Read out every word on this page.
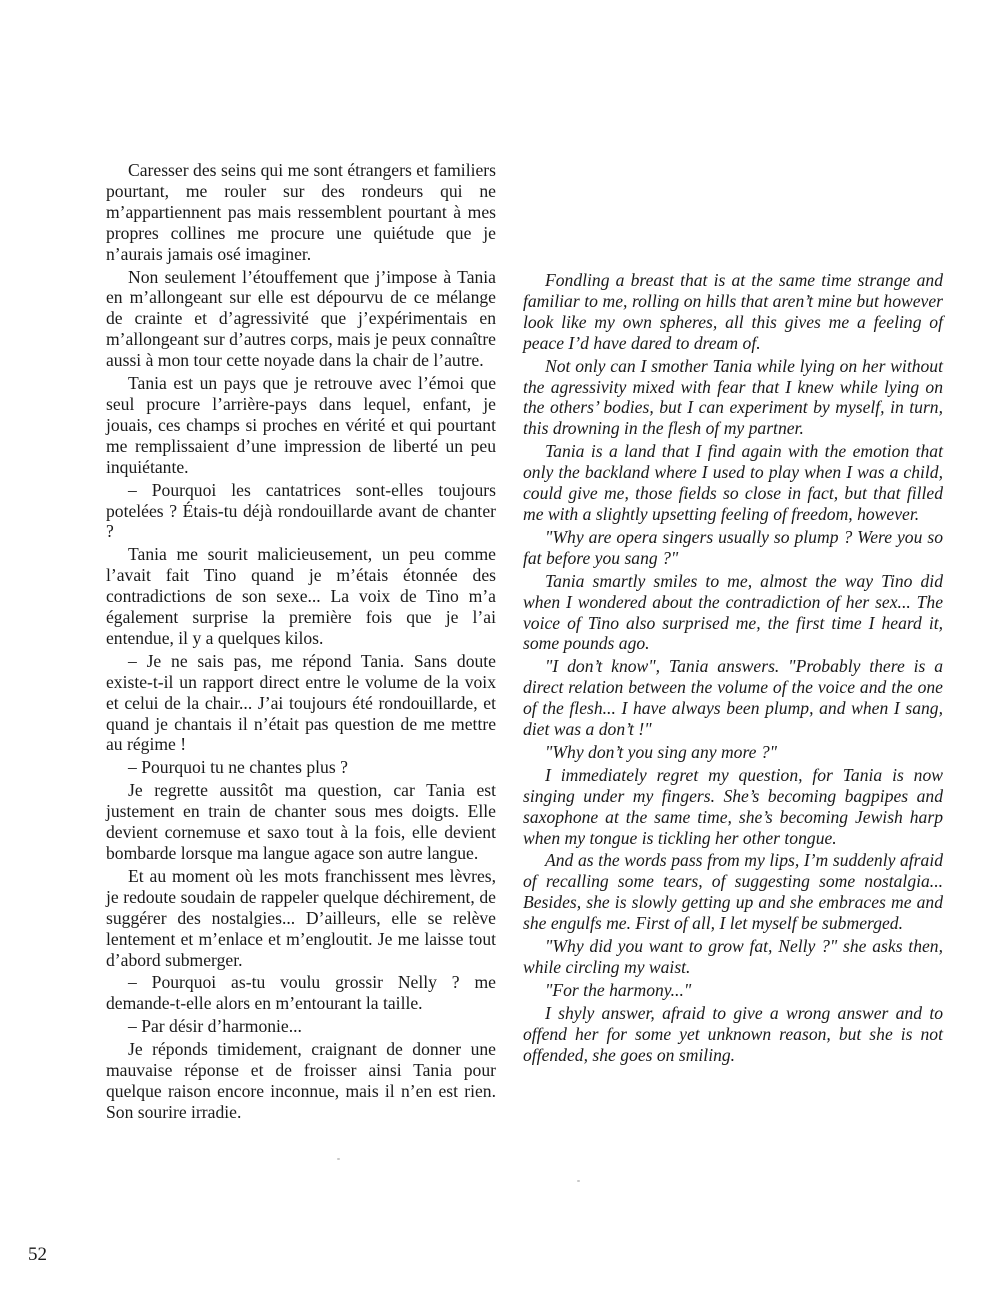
Caresser des seins qui me sont étrangers et familiers pourtant, me rouler sur des rondeurs qui ne m’appartiennent pas mais ressemblent pourtant à mes propres collines me procure une quiétude que je n’aurais jamais osé imaginer.

Non seulement l’étouffement que j’impose à Tania en m’allongeant sur elle est dépourvu de ce mélange de crainte et d’agressivité que j’expérimentais en m’allongeant sur d’autres corps, mais je peux connaître aussi à mon tour cette noyade dans la chair de l’autre.

Tania est un pays que je retrouve avec l’émoi que seul procure l’arrière-pays dans lequel, enfant, je jouais, ces champs si proches en vérité et qui pourtant me remplissaient d’une impression de liberté un peu inquiétante.

– Pourquoi les cantatrices sont-elles toujours potelées ? Étais-tu déjà rondouillarde avant de chanter ?

Tania me sourit malicieusement, un peu comme l’avait fait Tino quand je m’étais étonnée des contradictions de son sexe... La voix de Tino m’a également surprise la première fois que je l’ai entendue, il y a quelques kilos.

– Je ne sais pas, me répond Tania. Sans doute existe-t-il un rapport direct entre le volume de la voix et celui de la chair... J’ai toujours été rondouillarde, et quand je chantais il n’était pas question de me mettre au régime !

– Pourquoi tu ne chantes plus ?

Je regrette aussitôt ma question, car Tania est justement en train de chanter sous mes doigts. Elle devient cornemuse et saxo tout à la fois, elle devient bombarde lorsque ma langue agace son autre langue.

Et au moment où les mots franchissent mes lèvres, je redoute soudain de rappeler quelque déchirement, de suggérer des nostalgies... D’ailleurs, elle se relève lentement et m’enlace et m’engloutit. Je me laisse tout d’abord submerger.

– Pourquoi as-tu voulu grossir Nelly ? me demande-t-elle alors en m’entourant la taille.

– Par désir d’harmonie...

Je réponds timidement, craignant de donner une mauvaise réponse et de froisser ainsi Tania pour quelque raison encore inconnue, mais il n’en est rien. Son sourire irradie.

Fondling a breast that is at the same time strange and familiar to me, rolling on hills that aren’t mine but however look like my own spheres, all this gives me a feeling of peace I’d have dared to dream of.

Not only can I smother Tania while lying on her without the agressivity mixed with fear that I knew while lying on the others’ bodies, but I can experiment by myself, in turn, this drowning in the flesh of my partner.

Tania is a land that I find again with the emotion that only the backland where I used to play when I was a child, could give me, those fields so close in fact, but that filled me with a slightly upsetting feeling of freedom, however.

"Why are opera singers usually so plump ? Were you so fat before you sang ?"

Tania smartly smiles to me, almost the way Tino did when I wondered about the contradiction of her sex... The voice of Tino also surprised me, the first time I heard it, some pounds ago.

"I don’t know", Tania answers. "Probably there is a direct relation between the volume of the voice and the one of the flesh... I have always been plump, and when I sang, diet was a don’t !"

"Why don’t you sing any more ?"

I immediately regret my question, for Tania is now singing under my fingers. She’s becoming bagpipes and saxophone at the same time, she’s becoming Jewish harp when my tongue is tickling her other tongue.

And as the words pass from my lips, I’m suddenly afraid of recalling some tears, of suggesting some nostalgia... Besides, she is slowly getting up and she embraces me and she engulfs me. First of all, I let myself be submerged.

"Why did you want to grow fat, Nelly ?" she asks then, while circling my waist.

"For the harmony..."

I shyly answer, afraid to give a wrong answer and to offend her for some yet unknown reason, but she is not offended, she goes on smiling.

52
